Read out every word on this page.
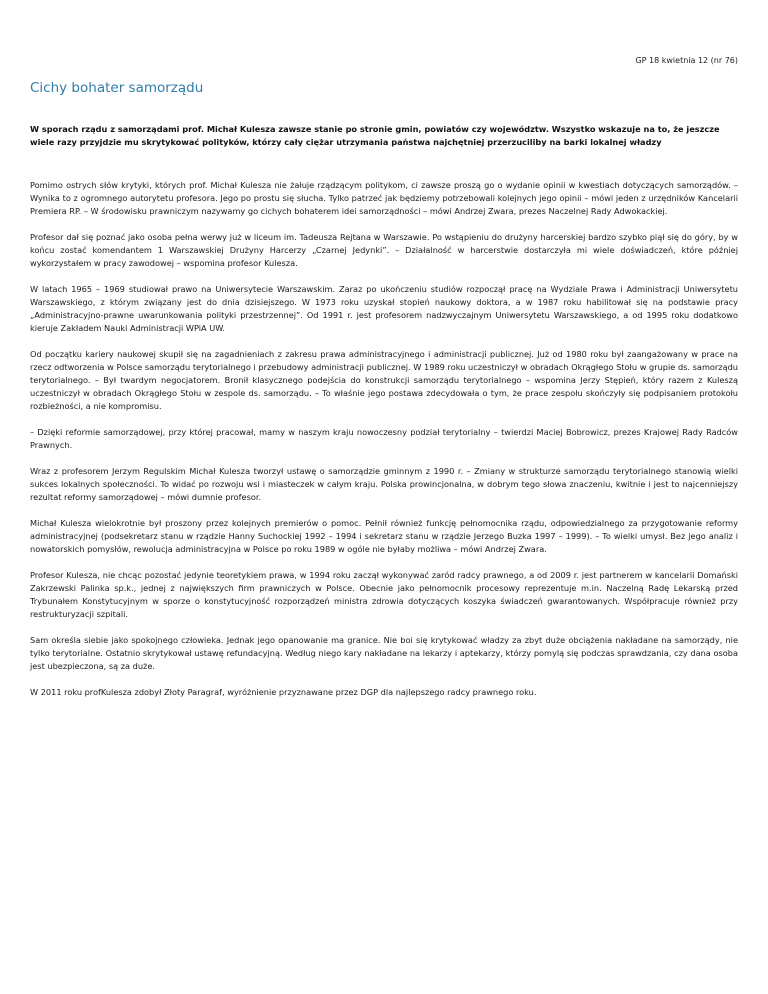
GP 18 kwietnia 12 (nr 76)
Cichy bohater samorządu

W sporach rządu z samorządami prof. Michał Kulesza zawsze stanie po stronie gmin, powiatów czy województw. Wszystko wskazuje na to, że jeszcze wiele razy przyjdzie mu skrytykować polityków, którzy cały ciężar utrzymania państwa najchętniej przerzuciliby na barki lokalnej władzy

Pomimo ostrych słów krytyki, których prof. Michał Kulesza nie żałuje rządzącym politykom, ci zawsze proszą go o wydanie opinii w kwestiach dotyczących samorządów. – Wynika to z ogromnego autorytetu profesora. Jego po prostu się słucha. Tylko patrzeć jak będziemy potrzebowali kolejnych jego opinii – mówi jeden z urzędników Kancelarii Premiera RP. – W środowisku prawniczym nazywamy go cichych bohaterem idei samorządności – mówi Andrzej Zwara, prezes Naczelnej Rady Adwokackiej.

Profesor dał się poznać jako osoba pełna werwy już w liceum im. Tadeusza Rejtana w Warszawie. Po wstąpieniu do drużyny harcerskiej bardzo szybko piął się do góry, by w końcu zostać komendantem 1 Warszawskiej Drużyny Harcerzy „Czarnej Jedynki”. – Działalność w harcerstwie dostarczyła mi wiele doświadczeń, które później wykorzystałem w pracy zawodowej – wspomina profesor Kulesza.

W latach 1965 – 1969 studiował prawo na Uniwersytecie Warszawskim. Zaraz po ukończeniu studiów rozpoczął pracę na Wydziale Prawa i Administracji Uniwersytetu Warszawskiego, z którym związany jest do dnia dzisiejszego. W 1973 roku uzyskał stopień naukowy doktora, a w 1987 roku habilitował się na podstawie pracy „Administracyjno-prawne uwarunkowania polityki przestrzennej”. Od 1991 r. jest profesorem nadzwyczajnym Uniwersytetu Warszawskiego, a od 1995 roku dodatkowo kieruje Zakładem Nauki Administracji WPiA UW.

Od początku kariery naukowej skupił się na zagadnieniach z zakresu prawa administracyjnego i administracji publicznej. Już od 1980 roku był zaangażowany w prace na rzecz odtworzenia w Polsce samorządu terytorialnego i przebudowy administracji publicznej. W 1989 roku uczestniczył w obradach Okrągłego Stołu w grupie ds. samorządu terytorialnego. – Był twardym negocjatorem. Bronił klasycznego podejścia do konstrukcji samorządu terytorialnego – wspomina Jerzy Stępień, który razem z Kuleszą uczestniczył w obradach Okrągłego Stołu w zespole ds. samorządu. – To właśnie jego postawa zdecydowała o tym, że prace zespołu skończyły się podpisaniem protokołu rozbieżności, a nie kompromisu.

– Dzięki reformie samorządowej, przy której pracował, mamy w naszym kraju nowoczesny podział terytorialny – twierdzi Maciej Bobrowicz, prezes Krajowej Rady Radców Prawnych.

Wraz z profesorem Jerzym Regulskim Michał Kulesza tworzył ustawę o samorządzie gminnym z 1990 r. – Zmiany w strukturze samorządu terytorialnego stanowią wielki sukces lokalnych społeczności. To widać po rozwoju wsi i miasteczek w całym kraju. Polska prowincjonalna, w dobrym tego słowa znaczeniu, kwitnie i jest to najcenniejszy rezultat reformy samorządowej – mówi dumnie profesor.

Michał Kulesza wielokrotnie był proszony przez kolejnych premierów o pomoc. Pełnił również funkcję pełnomocnika rządu, odpowiedzialnego za przygotowanie reformy administracyjnej (podsekretarz stanu w rządzie Hanny Suchockiej 1992 – 1994 i sekretarz stanu w rządzie Jerzego Buzka 1997 – 1999). – To wielki umysł. Bez jego analiz i nowatorskich pomysłów, rewolucja administracyjna w Polsce po roku 1989 w ogóle nie byłaby możliwa – mówi Andrzej Zwara.

Profesor Kulesza, nie chcąc pozostać jedynie teoretykiem prawa, w 1994 roku zaczął wykonywać zaród radcy prawnego, a od 2009 r. jest partnerem w kancelarii Domański Zakrzewski Palinka sp.k., jednej z największych firm prawniczych w Polsce. Obecnie jako pełnomocnik procesowy reprezentuje m.in. Naczelną Radę Lekarską przed Trybunałem Konstytucyjnym w sporze o konstytucyjność rozporządzeń ministra zdrowia dotyczących koszyka świadczeń gwarantowanych. Współpracuje również przy restrukturyzacji szpitali.

Sam określa siebie jako spokojnego człowieka. Jednak jego opanowanie ma granice. Nie boi się krytykować władzy za zbyt duże obciążenia nakładane na samorządy, nie tylko terytorialne. Ostatnio skrytykował ustawę refundacyjną. Według niego kary nakładane na lekarzy i aptekarzy, którzy pomylą się podczas sprawdzania, czy dana osoba jest ubezpieczona, są za duże.

W 2011 roku profKulesza zdobył Złoty Paragraf, wyróżnienie przyznawane przez DGP dla najlepszego radcy prawnego roku.
